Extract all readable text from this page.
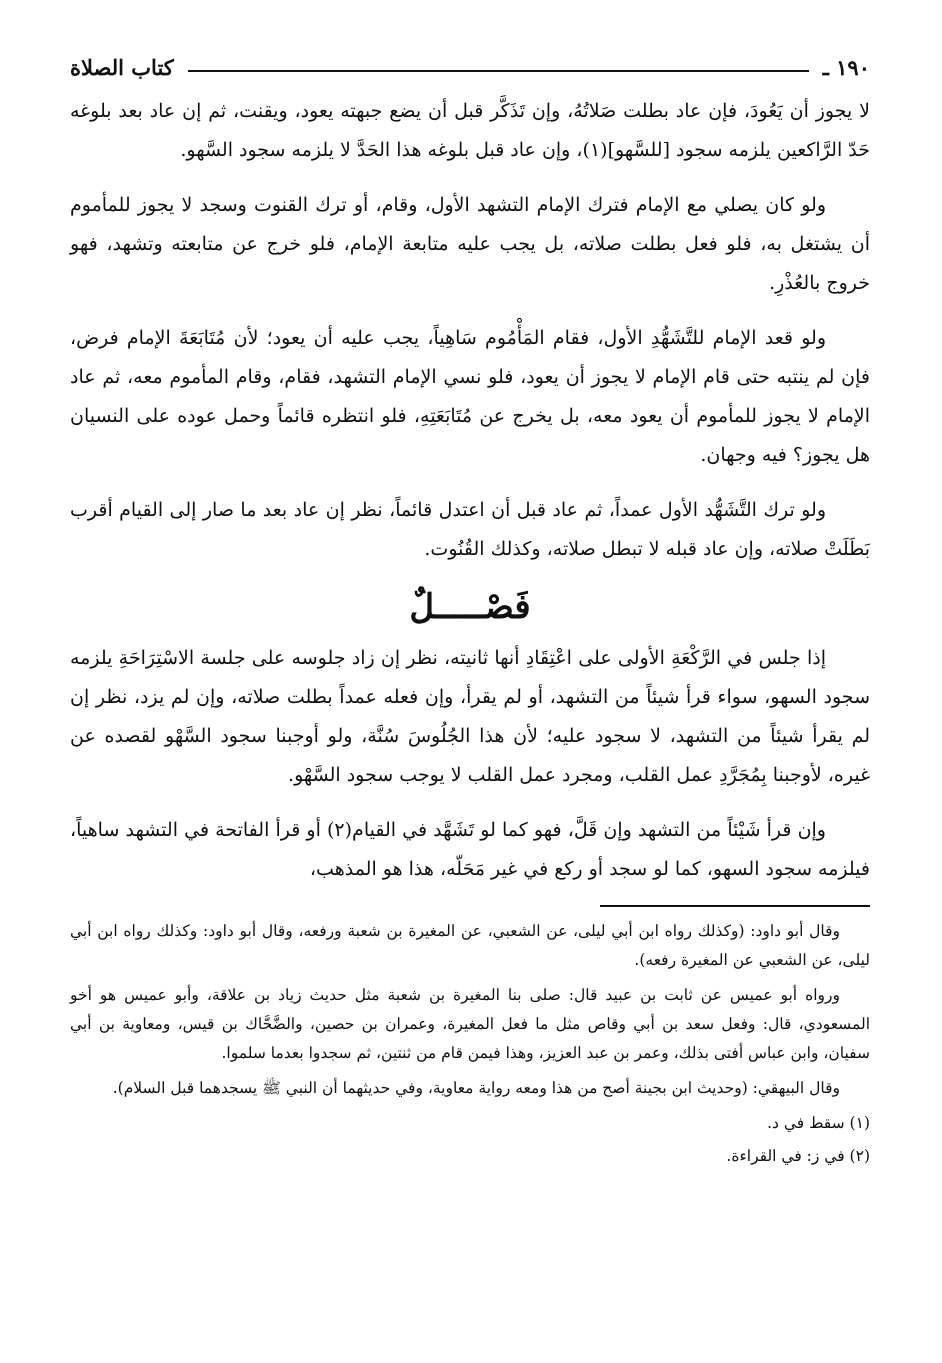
١٩٠ ـ
كتاب الصلاة

لا يجوز أن يَعُودَ، فإن عاد بطلت صَلاتُهُ، وإن تَذَكَّر قبل أن يضع جبهته يعود، ويقنت، ثم إن عاد بعد بلوغه حَدّ الرَّاكعين يلزمه سجود [للسَّهو](١)، وإن عاد قبل بلوغه هذا الحَدَّ لا يلزمه سجود السَّهو.

ولو كان يصلي مع الإمام فترك الإمام التشهد الأول، وقام، أو ترك القنوت وسجد لا يجوز للمأموم أن يشتغل به، فلو فعل بطلت صلاته، بل يجب عليه متابعة الإمام، فلو خرج عن متابعته وتشهد، فهو خروج بالعُذْرِ.

ولو قعد الإمام للتَّشَهُّدِ الأول، فقام المَأْمُوم سَاهِياً، يجب عليه أن يعود؛ لأن مُتَابَعَةَ الإمام فرض، فإن لم ينتبه حتى قام الإمام لا يجوز أن يعود، فلو نسي الإمام التشهد، فقام، وقام المأموم معه، ثم عاد الإمام لا يجوز للمأموم أن يعود معه، بل يخرج عن مُتَابَعَتِهِ، فلو انتظره قائماً وحمل عوده على النسيان هل يجوز؟ فيه وجهان.

ولو ترك التَّشَهُّد الأول عمداً، ثم عاد قبل أن اعتدل قائماً، نظر إن عاد بعد ما صار إلى القيام أقرب بَطَلَتْ صلاته، وإن عاد قبله لا تبطل صلاته، وكذلك القُنُوت.

فَصْـــــلٌ

إذا جلس في الرَّكْعَةِ الأولى على اعْتِقَادِ أنها ثانيته، نظر إن زاد جلوسه على جلسة الاسْتِرَاحَةِ يلزمه سجود السهو، سواء قرأ شيئاً من التشهد، أو لم يقرأ، وإن فعله عمداً بطلت صلاته، وإن لم يزد، نظر إن لم يقرأ شيئاً من التشهد، لا سجود عليه؛ لأن هذا الجُلُوسَ سُنَّة، ولو أوجبنا سجود السَّهْو لقصده عن غيره، لأوجبنا بِمُجَرَّدِ عمل القلب، ومجرد عمل القلب لا يوجب سجود السَّهْو.

وإن قرأ شَيْئاً من التشهد وإن قَلَّ، فهو كما لو تَشَهَّد في القيام(٢) أو قرأ الفاتحة في التشهد ساهياً، فيلزمه سجود السهو، كما لو سجد أو ركع في غير مَحَلّه، هذا هو المذهب،

وقال أبو داود: (وكذلك رواه ابن أبي ليلى، عن الشعبي، عن المغيرة بن شعبة ورفعه، وقال أبو داود: وكذلك رواه ابن أبي ليلى، عن الشعبي عن المغيرة رفعه).

ورواه أبو عميس عن ثابت بن عبيد قال: صلى بنا المغيرة بن شعبة مثل حديث زياد بن علاقة، وأبو عميس هو أخو المسعودي، قال: وفعل سعد بن أبي وقاص مثل ما فعل المغيرة، وعمران بن حصين، والضَّحَّاك بن قيس، ومعاوية بن أبي سفيان، وابن عباس أفتى بذلك، وعمر بن عبد العزيز، وهذا فيمن قام من ثنتين، ثم سجدوا بعدما سلموا.

وقال البيهقي: (وحديث ابن بجينة أصح من هذا ومعه رواية معاوية، وفي حديثهما أن النبي ﷺ يسجدهما قبل السلام).

(١) سقط في د.

(٢) في ز: في القراءة.
